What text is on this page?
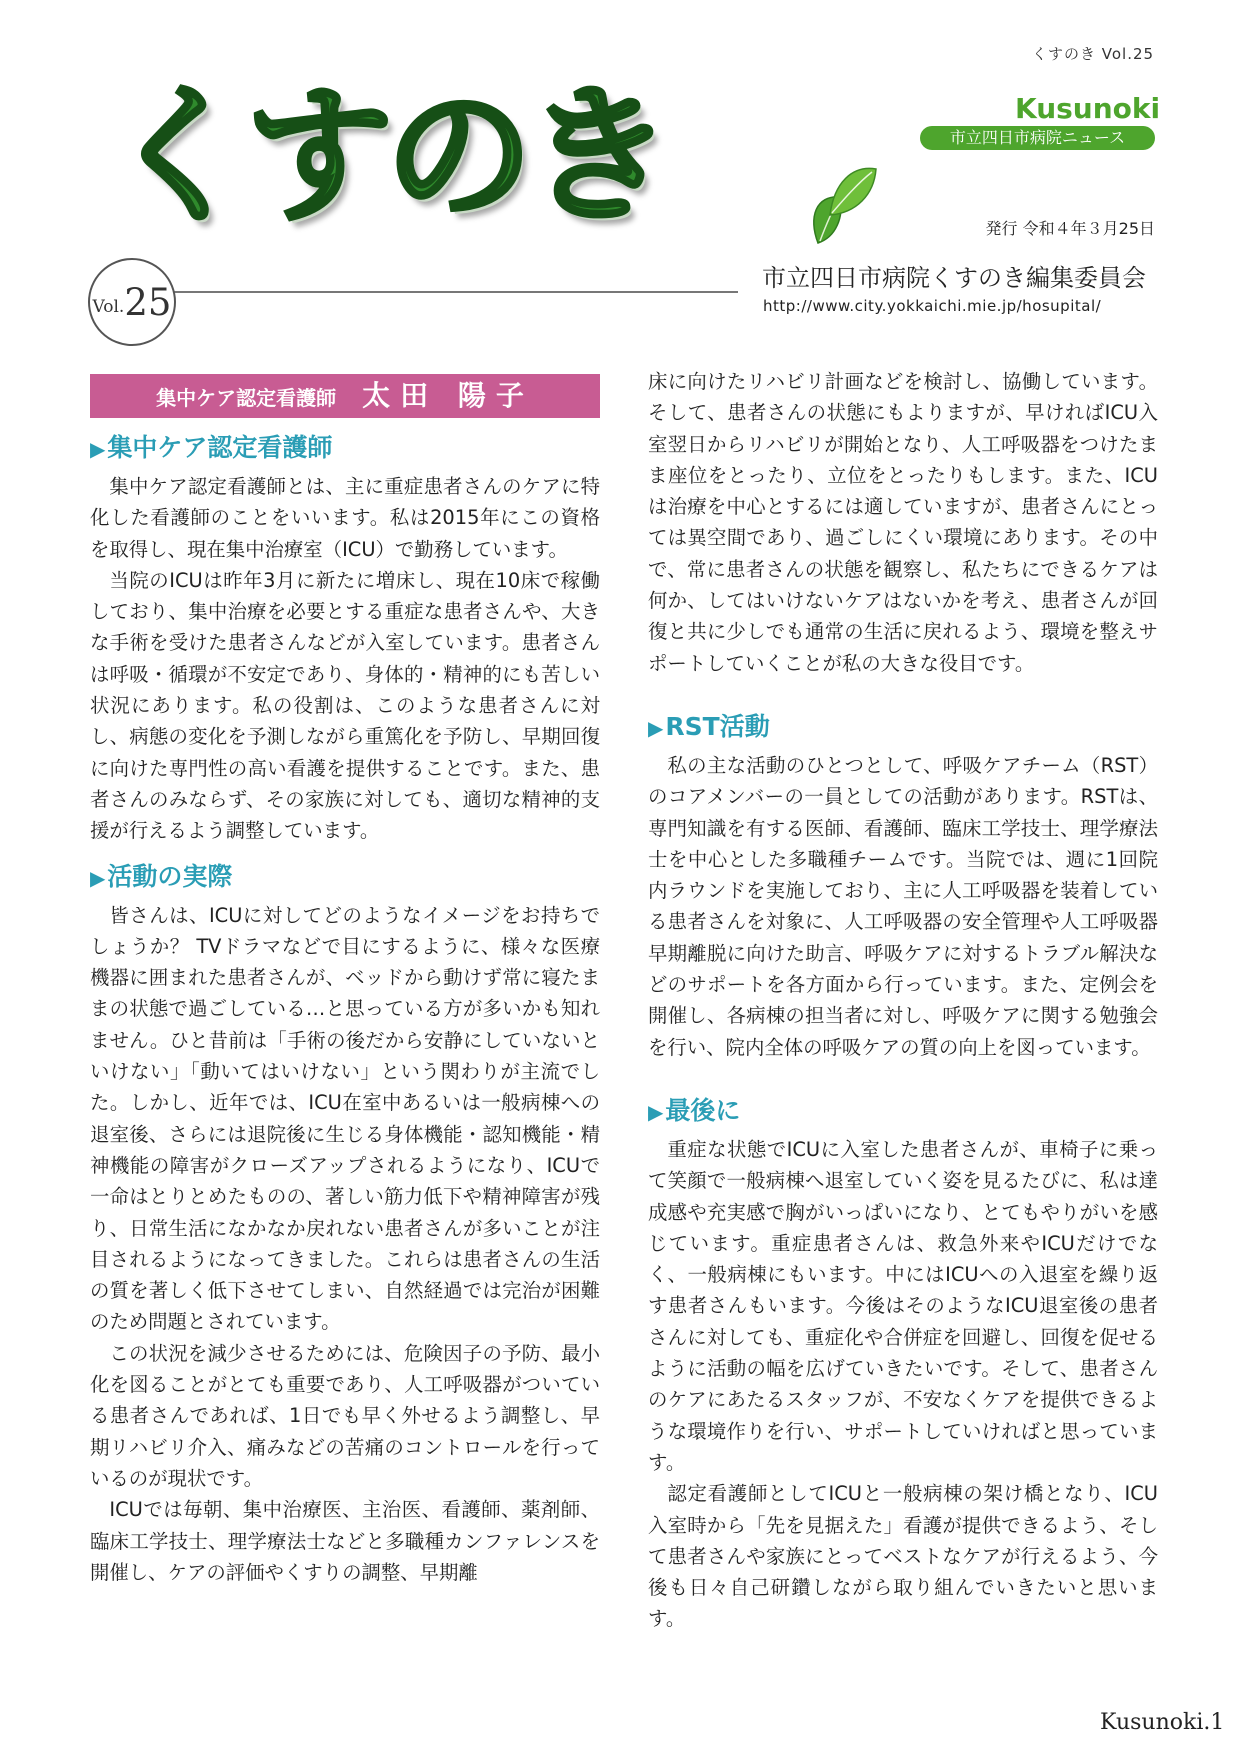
くすのき Vol.25
くすのき	Kusunoki
市立四日市病院ニュース
発行 令和４年３月25日
Vol. 25
市立四日市病院くすのき編集委員会
http://www.city.yokkaichi.mie.jp/hosupital/
集中ケア認定看護師 太田 陽子
▶集中ケア認定看護師

集中ケア認定看護師とは、主に重症患者さんのケアに特化した看護師のことをいいます。私は2015年にこの資格を取得し、現在集中治療室（ICU）で勤務しています。

当院のICUは昨年3月に新たに増床し、現在10床で稼働しており、集中治療を必要とする重症な患者さんや、大きな手術を受けた患者さんなどが入室しています。患者さんは呼吸・循環が不安定であり、身体的・精神的にも苦しい状況にあります。私の役割は、このような患者さんに対し、病態の変化を予測しながら重篤化を予防し、早期回復に向けた専門性の高い看護を提供することです。また、患者さんのみならず、その家族に対しても、適切な精神的支援が行えるよう調整しています。

▶活動の実際

皆さんは、ICUに対してどのようなイメージをお持ちでしょうか？ TVドラマなどで目にするように、様々な医療機器に囲まれた患者さんが、ベッドから動けず常に寝たままの状態で過ごしている…と思っている方が多いかも知れません。ひと昔前は「手術の後だから安静にしていないといけない」「動いてはいけない」という関わりが主流でした。しかし、近年では、ICU在室中あるいは一般病棟への退室後、さらには退院後に生じる身体機能・認知機能・精神機能の障害がクローズアップされるようになり、ICUで一命はとりとめたものの、著しい筋力低下や精神障害が残り、日常生活になかなか戻れない患者さんが多いことが注目されるようになってきました。これらは患者さんの生活の質を著しく低下させてしまい、自然経過では完治が困難のため問題とされています。

この状況を減少させるためには、危険因子の予防、最小化を図ることがとても重要であり、人工呼吸器がついている患者さんであれば、1日でも早く外せるよう調整し、早期リハビリ介入、痛みなどの苦痛のコントロールを行っているのが現状です。

ICUでは毎朝、集中治療医、主治医、看護師、薬剤師、臨床工学技士、理学療法士などと多職種カンファレンスを開催し、ケアの評価やくすりの調整、早期離

床に向けたリハビリ計画などを検討し、協働しています。そして、患者さんの状態にもよりますが、早ければICU入室翌日からリハビリが開始となり、人工呼吸器をつけたまま座位をとったり、立位をとったりもします。また、ICUは治療を中心とするには適していますが、患者さんにとっては異空間であり、過ごしにくい環境にあります。その中で、常に患者さんの状態を観察し、私たちにできるケアは何か、してはいけないケアはないかを考え、患者さんが回復と共に少しでも通常の生活に戻れるよう、環境を整えサポートしていくことが私の大きな役目です。

▶RST活動

私の主な活動のひとつとして、呼吸ケアチーム（RST）のコアメンバーの一員としての活動があります。RSTは、専門知識を有する医師、看護師、臨床工学技士、理学療法士を中心とした多職種チームです。当院では、週に1回院内ラウンドを実施しており、主に人工呼吸器を装着している患者さんを対象に、人工呼吸器の安全管理や人工呼吸器早期離脱に向けた助言、呼吸ケアに対するトラブル解決などのサポートを各方面から行っています。また、定例会を開催し、各病棟の担当者に対し、呼吸ケアに関する勉強会を行い、院内全体の呼吸ケアの質の向上を図っています。

▶最後に

重症な状態でICUに入室した患者さんが、車椅子に乗って笑顔で一般病棟へ退室していく姿を見るたびに、私は達成感や充実感で胸がいっぱいになり、とてもやりがいを感じています。重症患者さんは、救急外来やICUだけでなく、一般病棟にもいます。中にはICUへの入退室を繰り返す患者さんもいます。今後はそのようなICU退室後の患者さんに対しても、重症化や合併症を回避し、回復を促せるように活動の幅を広げていきたいです。そして、患者さんのケアにあたるスタッフが、不安なくケアを提供できるような環境作りを行い、サポートしていければと思っています。

認定看護師としてICUと一般病棟の架け橋となり、ICU入室時から「先を見据えた」看護が提供できるよう、そして患者さんや家族にとってベストなケアが行えるよう、今後も日々自己研鑽しながら取り組んでいきたいと思います。

Kusunoki.1
